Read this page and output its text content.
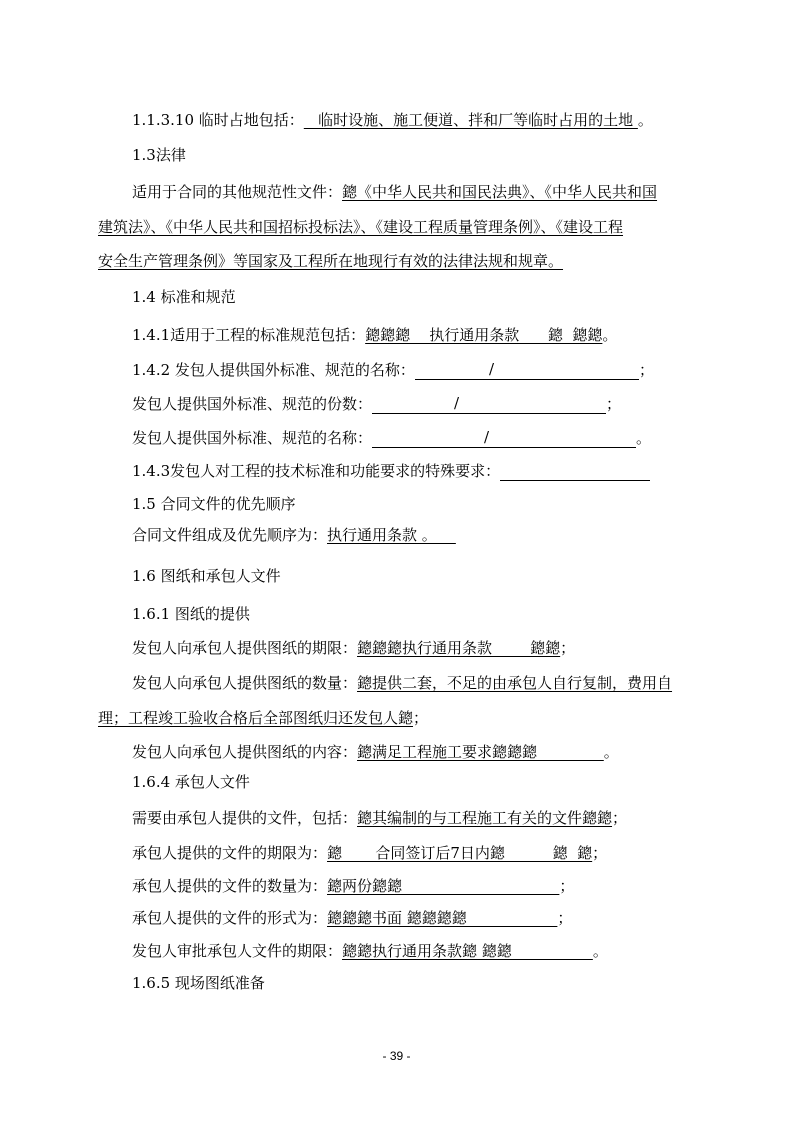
1.1.3.10 临时占地包括：   临时设施、施工便道、拌和厂等临时占用的土地 。
1.3法律
适用于合同的其他规范性文件：鏓《中华人民共和国民法典》、《中华人民共和国
建筑法》、《中华人民共和国招标投标法》、《建设工程质量管理条例》、《建设工程
安全生产管理条例》等国家及工程所在地现行有效的法律法规和规章。
1.4 标准和规范
1.4.1适用于工程的标准规范包括：鏓鏓鏓    执行通用条款      鏓  鏓鏓。
1.4.2 发包人提供国外标准、规范的名称：	/	；
发包人提供国外标准、规范的份数：	/	；
发包人提供国外标准、规范的名称：	/	。
1.4.3发包人对工程的技术标准和功能要求的特殊要求：
1.5 合同文件的优先顺序
合同文件组成及优先顺序为：执行通用条款 。
1.6 图纸和承包人文件
1.6.1 图纸的提供
发包人向承包人提供图纸的期限：鏓鏓鏓执行通用条款        鏓鏓；
发包人向承包人提供图纸的数量：鏓提供二套，不足的由承包人自行复制，费用自
理；工程竣工验收合格后全部图纸归还发包人鏓；
发包人向承包人提供图纸的内容：鏓满足工程施工要求鏓鏓鏓              。
1.6.4 承包人文件
需要由承包人提供的文件，包括：鏓其编制的与工程施工有关的文件鏓鏓；
承包人提供的文件的期限为：鏓       合同签订后7日内鏓          鏓  鏓；
承包人提供的文件的数量为：鏓两份鏓鏓                                 ；
承包人提供的文件的形式为：鏓鏓鏓书面 鏓鏓鏓鏓                   ；
发包人审批承包人文件的期限：鏓鏓执行通用条款鏓 鏓鏓                 。
1.6.5 现场图纸准备
- 39 -
